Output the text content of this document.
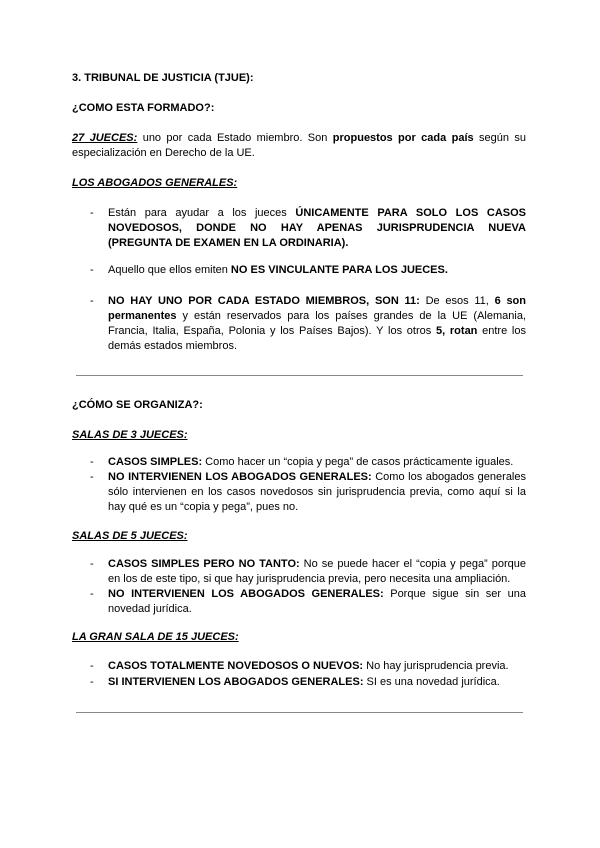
3. TRIBUNAL DE JUSTICIA (TJUE):
¿COMO ESTA FORMADO?:
27 JUECES: uno por cada Estado miembro. Son propuestos por cada país según su especialización en Derecho de la UE.
LOS ABOGADOS GENERALES:
-	Están para ayudar a los jueces ÚNICAMENTE PARA SOLO LOS CASOS NOVEDOSOS, DONDE NO HAY APENAS JURISPRUDENCIA NUEVA (PREGUNTA DE EXAMEN EN LA ORDINARIA).
-	Aquello que ellos emiten NO ES VINCULANTE PARA LOS JUECES.
-	NO HAY UNO POR CADA ESTADO MIEMBROS, SON 11: De esos 11, 6 son permanentes y están reservados para los países grandes de la UE (Alemania, Francia, Italia, España, Polonia y los Países Bajos). Y los otros 5, rotan entre los demás estados miembros.
¿CÓMO SE ORGANIZA?:
SALAS DE 3 JUECES:
-	CASOS SIMPLES: Como hacer un “copia y pega” de casos prácticamente iguales.
-	NO INTERVIENEN LOS ABOGADOS GENERALES: Como los abogados generales sólo intervienen en los casos novedosos sin jurisprudencia previa, como aquí si la hay qué es un “copia y pega”, pues no.
SALAS DE 5 JUECES:
-	CASOS SIMPLES PERO NO TANTO: No se puede hacer el “copia y pega” porque en los de este tipo, si que hay jurisprudencia previa, pero necesita una ampliación.
-	NO INTERVIENEN LOS ABOGADOS GENERALES: Porque sigue sin ser una novedad jurídica.
LA GRAN SALA DE 15 JUECES:
-	CASOS TOTALMENTE NOVEDOSOS O NUEVOS: No hay jurisprudencia previa.
-	SI INTERVIENEN LOS ABOGADOS GENERALES: SI es una novedad jurídica.
